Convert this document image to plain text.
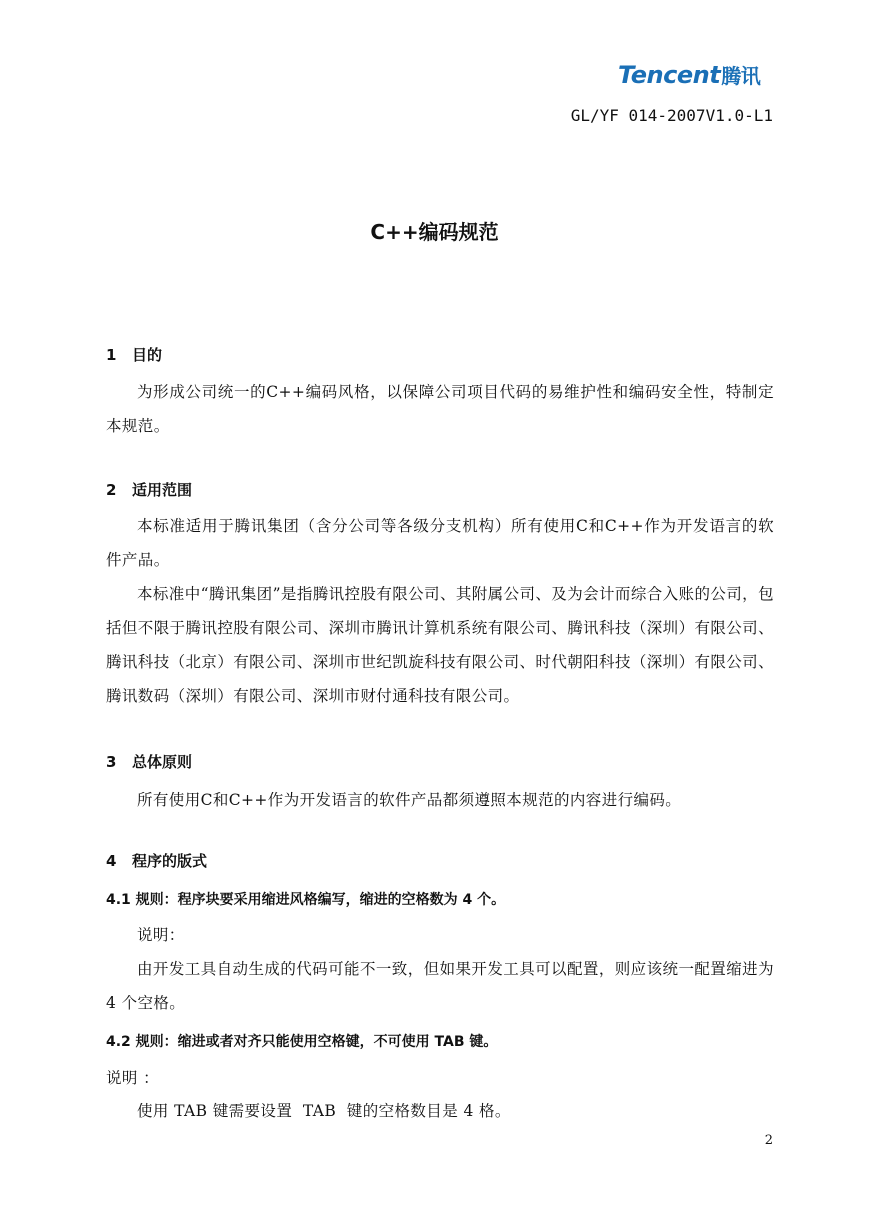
Tencent腾讯
GL/YF 014-2007V1.0-L1
C++编码规范
1 目的
为形成公司统一的C++编码风格，以保障公司项目代码的易维护性和编码安全性，特制定本规范。
2 适用范围
本标准适用于腾讯集团（含分公司等各级分支机构）所有使用C和C++作为开发语言的软件产品。
本标准中“腾讯集团”是指腾讯控股有限公司、其附属公司、及为会计而综合入账的公司，包括但不限于腾讯控股有限公司、深圳市腾讯计算机系统有限公司、腾讯科技（深圳）有限公司、腾讯科技（北京）有限公司、深圳市世纪凯旋科技有限公司、时代朝阳科技（深圳）有限公司、腾讯数码（深圳）有限公司、深圳市财付通科技有限公司。
3 总体原则
所有使用C和C++作为开发语言的软件产品都须遵照本规范的内容进行编码。
4 程序的版式
4.1 规则：程序块要采用缩进风格编写，缩进的空格数为 4 个。
说明：
由开发工具自动生成的代码可能不一致，但如果开发工具可以配置，则应该统一配置缩进为 4 个空格。
4.2 规则：缩进或者对齐只能使用空格键，不可使用 TAB 键。
说明 ：
使用 TAB 键需要设置  TAB  键的空格数目是 4 格。
2
